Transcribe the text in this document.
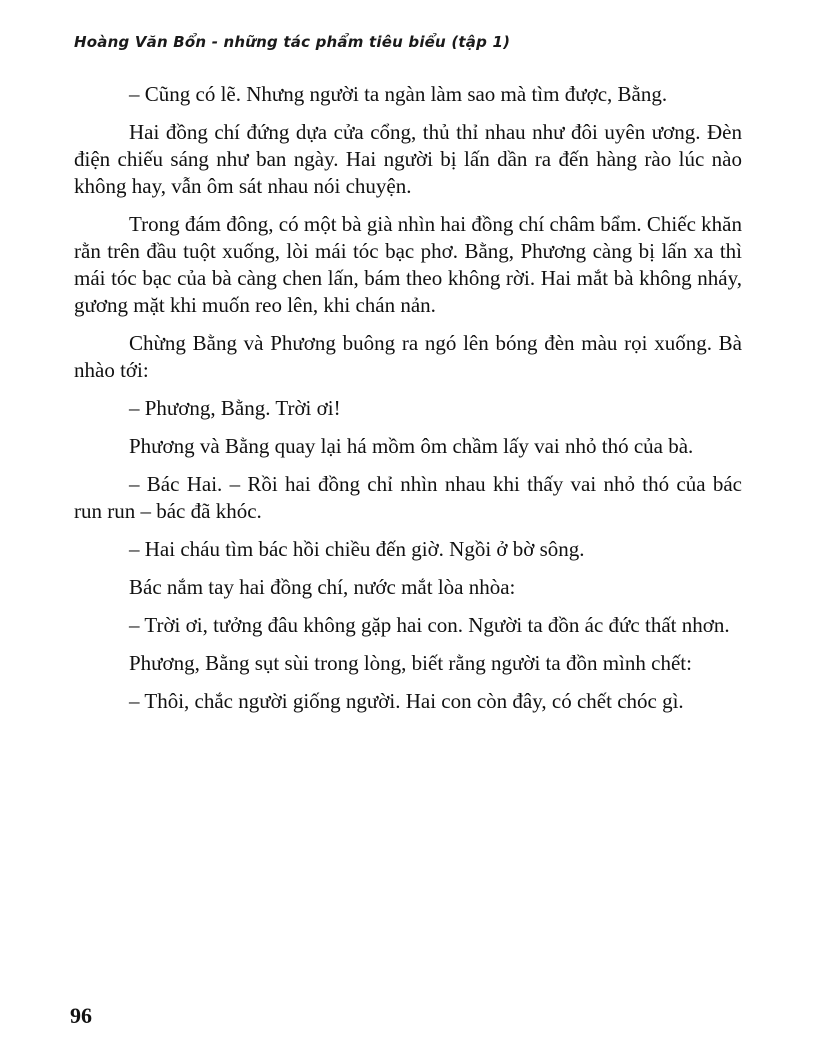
Hoàng Văn Bổn - những tác phẩm tiêu biểu (tập 1)

– Cũng có lẽ. Nhưng người ta ngàn làm sao mà tìm được, Bằng.

Hai đồng chí đứng dựa cửa cổng, thủ thỉ nhau như đôi uyên ương. Đèn điện chiếu sáng như ban ngày. Hai người bị lấn dần ra đến hàng rào lúc nào không hay, vẫn ôm sát nhau nói chuyện.

Trong đám đông, có một bà già nhìn hai đồng chí châm bẩm. Chiếc khăn rằn trên đầu tuột xuống, lòi mái tóc bạc phơ. Bằng, Phương càng bị lấn xa thì mái tóc bạc của bà càng chen lấn, bám theo không rời. Hai mắt bà không nháy, gương mặt khi muốn reo lên, khi chán nản.

Chừng Bằng và Phương buông ra ngó lên bóng đèn màu rọi xuống. Bà nhào tới:

– Phương, Bằng. Trời ơi!

Phương và Bằng quay lại há mồm ôm chầm lấy vai nhỏ thó của bà.

– Bác Hai. – Rồi hai đồng chỉ nhìn nhau khi thấy vai nhỏ thó của bác run run – bác đã khóc.

– Hai cháu tìm bác hồi chiều đến giờ. Ngồi ở bờ sông.

Bác nắm tay hai đồng chí, nước mắt lòa nhòa:

– Trời ơi, tưởng đâu không gặp hai con. Người ta đồn ác đức thất nhơn.

Phương, Bằng sụt sùi trong lòng, biết rằng người ta đồn mình chết:

– Thôi, chắc người giống người. Hai con còn đây, có chết chóc gì.

96
